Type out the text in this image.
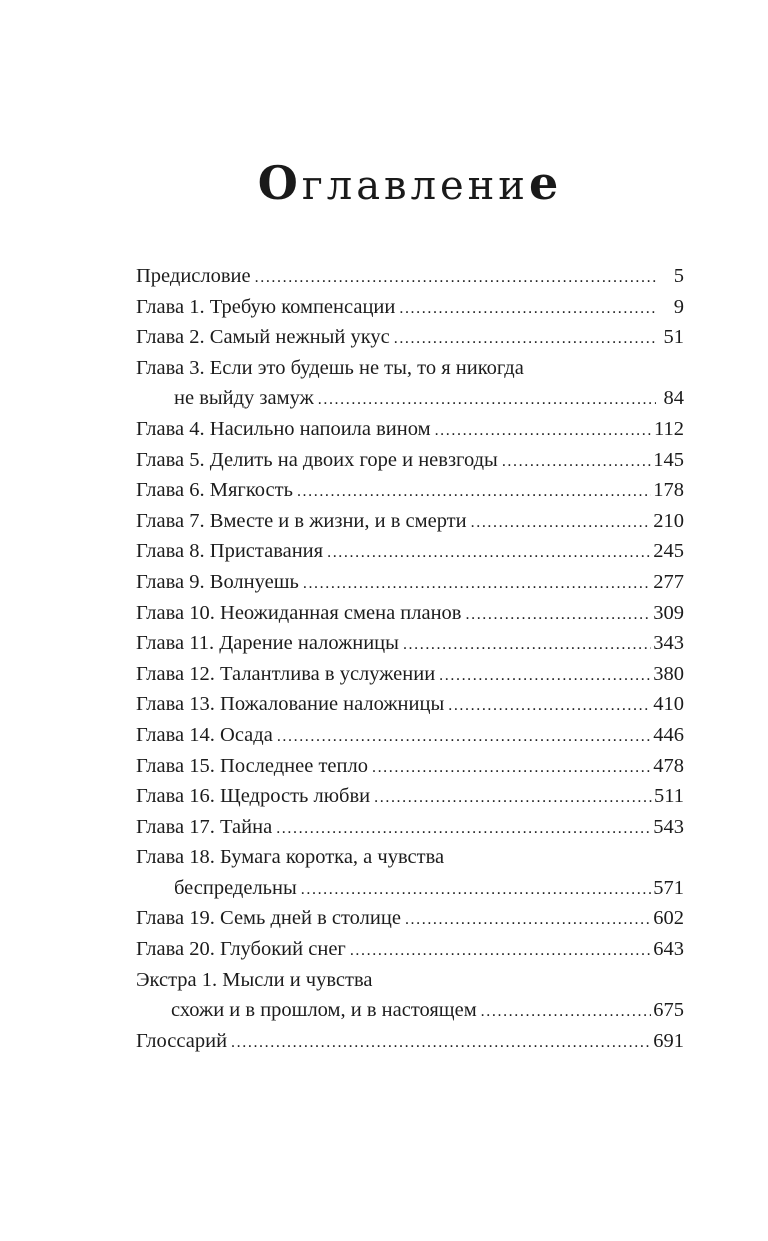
Оглавление
Предисловие .....	5
Глава 1. Требую компенсации .....	9
Глава 2. Самый нежный укус .....	51
Глава 3. Если это будешь не ты, то я никогда
не выйду замуж .....	84
Глава 4. Насильно напоила вином .....	112
Глава 5. Делить на двоих горе и невзгоды .....	145
Глава 6. Мягкость .....	178
Глава 7. Вместе и в жизни, и в смерти .....	210
Глава 8. Приставания .....	245
Глава 9. Волнуешь .....	277
Глава 10. Неожиданная смена планов .....	309
Глава 11. Дарение наложницы .....	343
Глава 12. Талантлива в услужении .....	380
Глава 13. Пожалование наложницы .....	410
Глава 14. Осада .....	446
Глава 15. Последнее тепло .....	478
Глава 16. Щедрость любви .....	511
Глава 17. Тайна .....	543
Глава 18. Бумага коротка, а чувства
беспредельны .....	571
Глава 19. Семь дней в столице .....	602
Глава 20. Глубокий снег .....	643
Экстра 1. Мысли и чувства
схожи и в прошлом, и в настоящем .....	675
Глоссарий .....	691
